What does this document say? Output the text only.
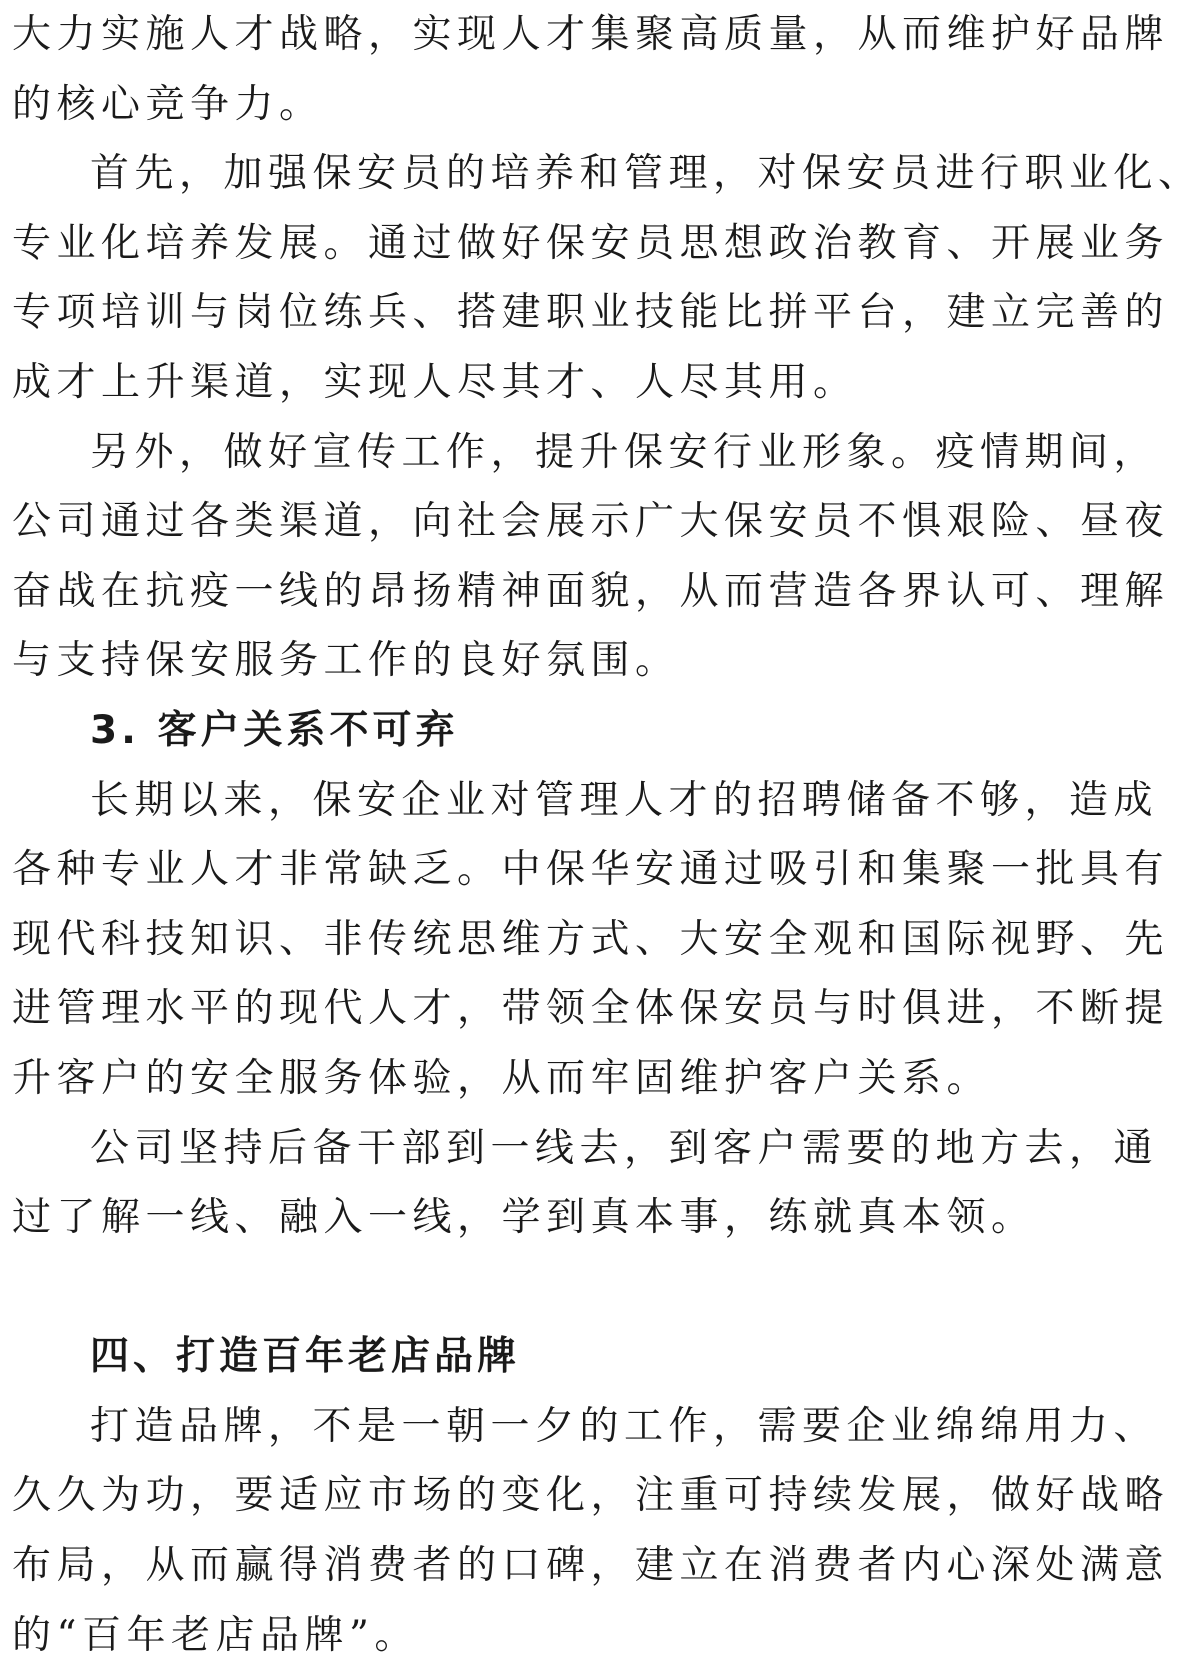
大力实施人才战略，实现人才集聚高质量，从而维护好品牌
的核心竞争力。
首先，加强保安员的培养和管理，对保安员进行职业化、
专业化培养发展。通过做好保安员思想政治教育、开展业务
专项培训与岗位练兵、搭建职业技能比拼平台，建立完善的
成才上升渠道，实现人尽其才、人尽其用。
另外，做好宣传工作，提升保安行业形象。疫情期间，
公司通过各类渠道，向社会展示广大保安员不惧艰险、昼夜
奋战在抗疫一线的昂扬精神面貌，从而营造各界认可、理解
与支持保安服务工作的良好氛围。
3. 客户关系不可弃
长期以来，保安企业对管理人才的招聘储备不够，造成
各种专业人才非常缺乏。中保华安通过吸引和集聚一批具有
现代科技知识、非传统思维方式、大安全观和国际视野、先
进管理水平的现代人才，带领全体保安员与时俱进，不断提
升客户的安全服务体验，从而牢固维护客户关系。
公司坚持后备干部到一线去，到客户需要的地方去，通
过了解一线、融入一线，学到真本事，练就真本领。
四、打造百年老店品牌
打造品牌，不是一朝一夕的工作，需要企业绵绵用力、
久久为功，要适应市场的变化，注重可持续发展，做好战略
布局，从而赢得消费者的口碑，建立在消费者内心深处满意
的“百年老店品牌”。
